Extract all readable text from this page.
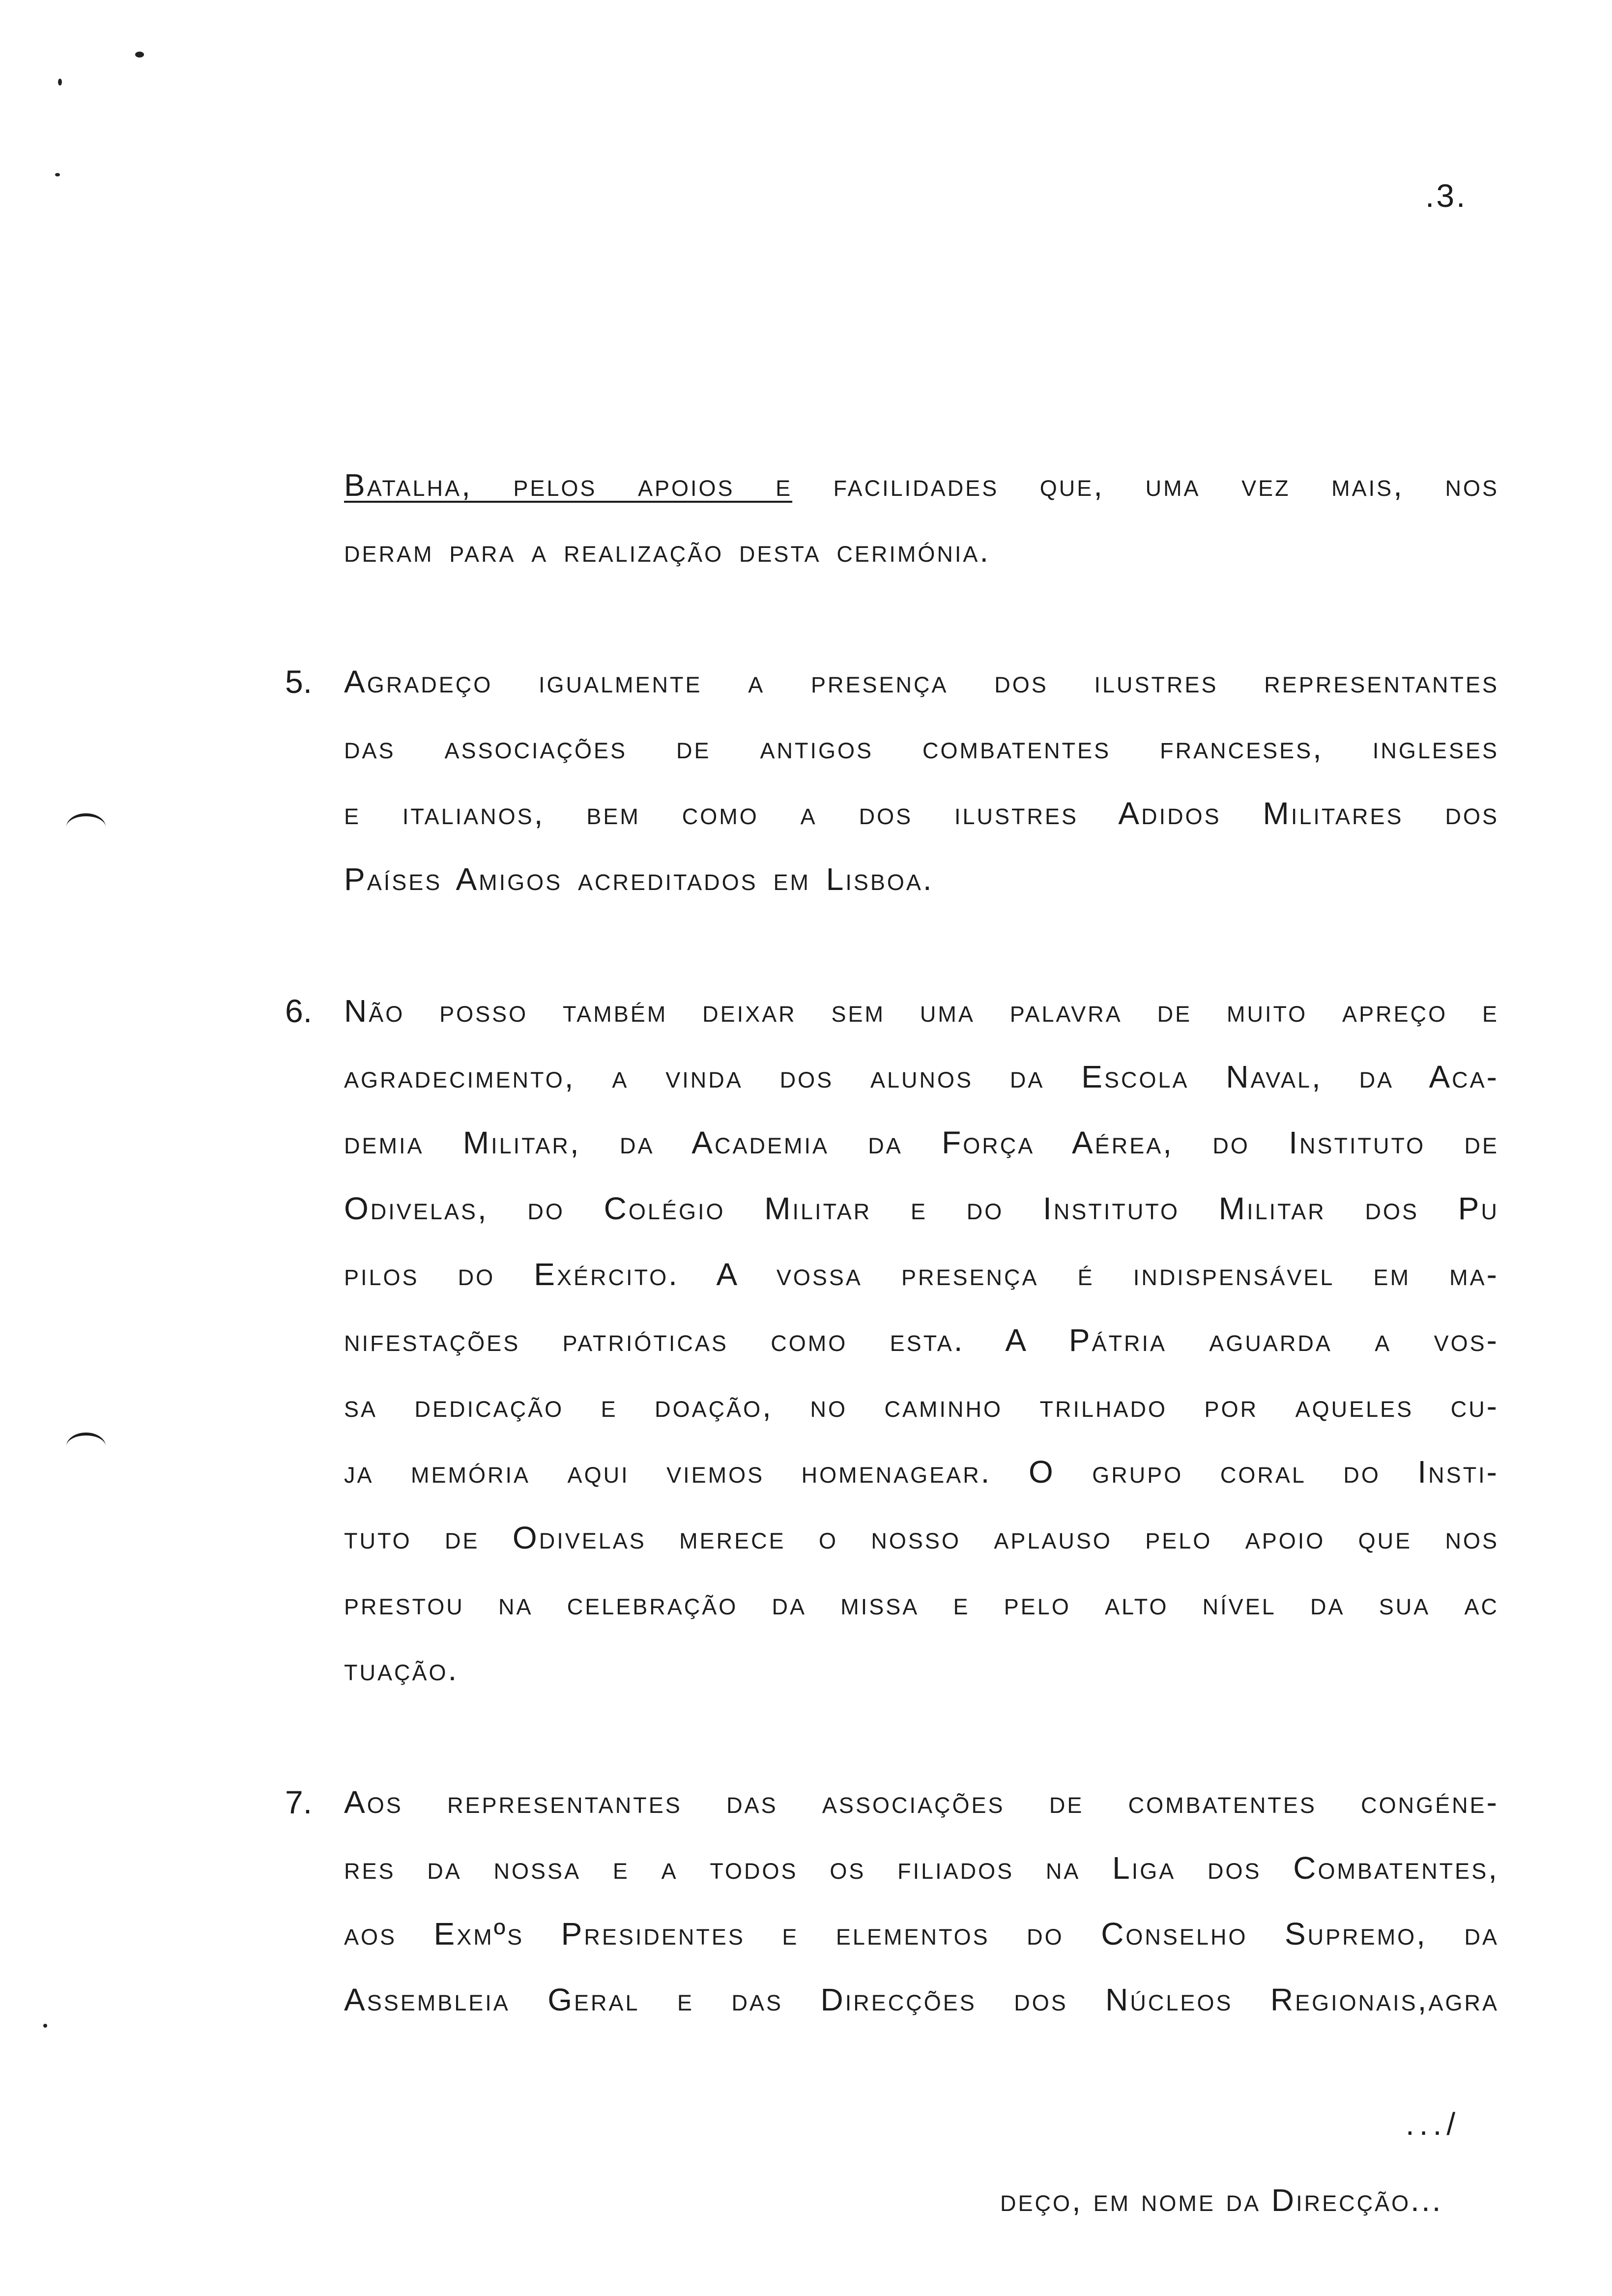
.3.
Batalha, pelos apoios e facilidades que, uma vez mais, nos
deram para a realização desta cerimónia.
5. Agradeço igualmente a presença dos ilustres representantes
das associações de antigos combatentes franceses, ingleses
e italianos, bem como a dos ilustres Adidos Militares dos
Países Amigos acreditados em Lisboa.
6. Não posso também deixar sem uma palavra de muito apreço e
agradecimento, a vinda dos alunos da Escola Naval, da Aca-
demia Militar, da Academia da Força Aérea, do Instituto de
Odivelas, do Colégio Militar e do Instituto Militar dos Pu
pilos do Exército. A vossa presença é indispensável em ma-
nifestações patrióticas como esta. A Pátria aguarda a vos-
sa dedicação e doação, no caminho trilhado por aqueles cu-
ja memória aqui viemos homenagear. O grupo coral do Insti-
tuto de Odivelas merece o nosso aplauso pelo apoio que nos
prestou na celebração da missa e pelo alto nível da sua ac
tuação.
7. Aos representantes das associações de combatentes congéne-
res da nossa e a todos os filiados na Liga dos Combatentes,
aos Exmºs Presidentes e elementos do Conselho Supremo, da
Assembleia Geral e das Direcções dos Núcleos Regionais,agra
.../
deço, em nome da Direcção...
